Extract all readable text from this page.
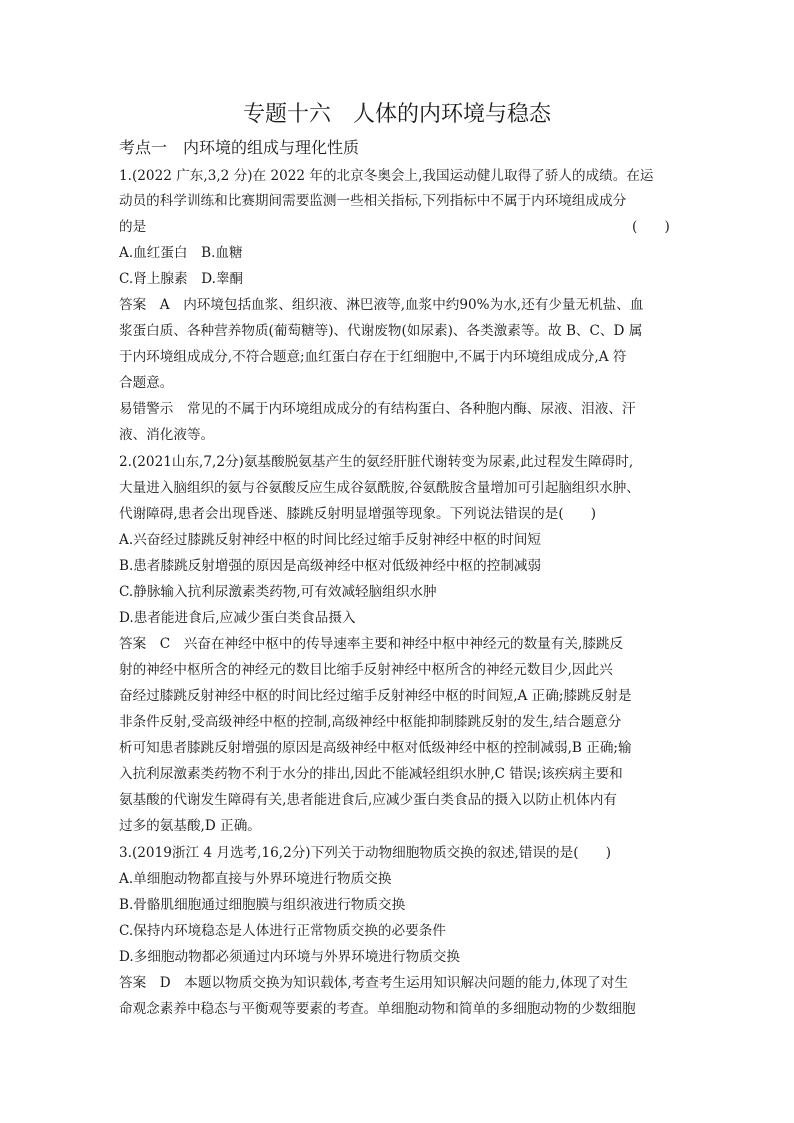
专题十六　人体的内环境与稳态
考点一　内环境的组成与理化性质
1.(2022 广东,3,2 分)在 2022 年的北京冬奥会上,我国运动健儿取得了骄人的成绩。在运
动员的科学训练和比赛期间需要监测一些相关指标,下列指标中不属于内环境组成成分
的是	(　　)
A.血红蛋白　B.血糖
C.肾上腺素　D.睾酮
答案　A　内环境包括血浆、组织液、淋巴液等,血浆中约90%为水,还有少量无机盐、血
浆蛋白质、各种营养物质(葡萄糖等)、代谢废物(如尿素)、各类激素等。故 B、C、D 属
于内环境组成成分,不符合题意;血红蛋白存在于红细胞中,不属于内环境组成成分,A 符
合题意。
易错警示　常见的不属于内环境组成成分的有结构蛋白、各种胞内酶、尿液、泪液、汗
液、消化液等。
2.(2021山东,7,2分)氨基酸脱氨基产生的氨经肝脏代谢转变为尿素,此过程发生障碍时,
大量进入脑组织的氨与谷氨酸反应生成谷氨酰胺,谷氨酰胺含量增加可引起脑组织水肿、
代谢障碍,患者会出现昏迷、膝跳反射明显增强等现象。下列说法错误的是(　　)
A.兴奋经过膝跳反射神经中枢的时间比经过缩手反射神经中枢的时间短
B.患者膝跳反射增强的原因是高级神经中枢对低级神经中枢的控制减弱
C.静脉输入抗利尿激素类药物,可有效减轻脑组织水肿
D.患者能进食后,应减少蛋白类食品摄入
答案　C　兴奋在神经中枢中的传导速率主要和神经中枢中神经元的数量有关,膝跳反
射的神经中枢所含的神经元的数目比缩手反射神经中枢所含的神经元数目少,因此兴
奋经过膝跳反射神经中枢的时间比经过缩手反射神经中枢的时间短,A 正确;膝跳反射是
非条件反射,受高级神经中枢的控制,高级神经中枢能抑制膝跳反射的发生,结合题意分
析可知患者膝跳反射增强的原因是高级神经中枢对低级神经中枢的控制减弱,B 正确;输
入抗利尿激素类药物不利于水分的排出,因此不能减轻组织水肿,C 错误;该疾病主要和
氨基酸的代谢发生障碍有关,患者能进食后,应减少蛋白类食品的摄入以防止机体内有
过多的氨基酸,D 正确。
3.(2019浙江 4 月选考,16,2分)下列关于动物细胞物质交换的叙述,错误的是(　　)
A.单细胞动物都直接与外界环境进行物质交换
B.骨骼肌细胞通过细胞膜与组织液进行物质交换
C.保持内环境稳态是人体进行正常物质交换的必要条件
D.多细胞动物都必须通过内环境与外界环境进行物质交换
答案　D　本题以物质交换为知识载体,考查考生运用知识解决问题的能力,体现了对生
命观念素养中稳态与平衡观等要素的考查。单细胞动物和简单的多细胞动物的少数细胞
